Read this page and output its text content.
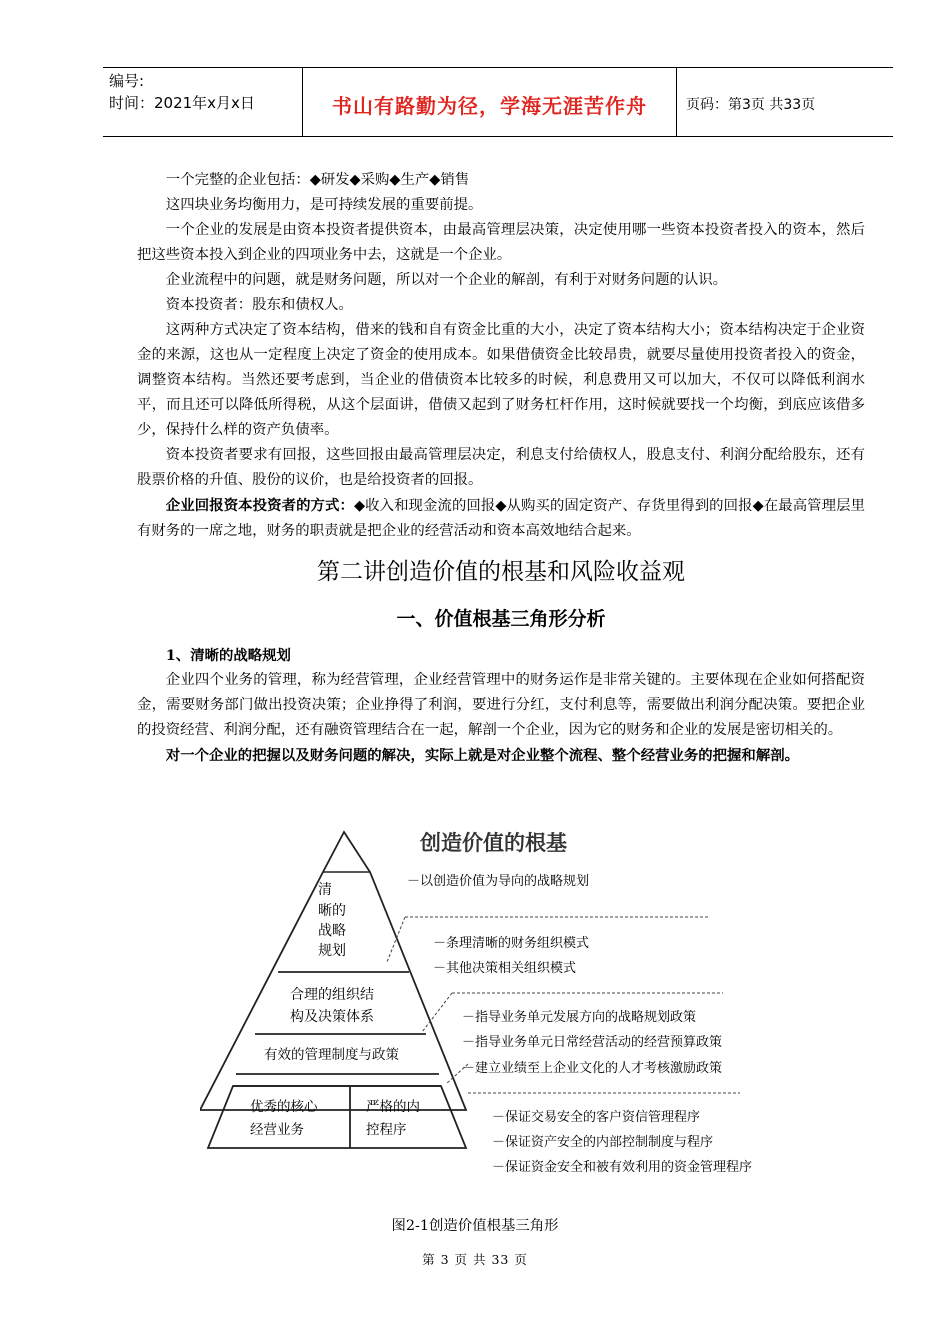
编号:
时间：2021年x月x日	书山有路勤为径，学海无涯苦作舟	页码：第3页 共33页

一个完整的企业包括：◆研发◆采购◆生产◆销售

这四块业务均衡用力，是可持续发展的重要前提。

一个企业的发展是由资本投资者提供资本，由最高管理层决策，决定使用哪一些资本投资者投入的资本，然后把这些资本投入到企业的四项业务中去，这就是一个企业。

企业流程中的问题，就是财务问题，所以对一个企业的解剖，有利于对财务问题的认识。

资本投资者：股东和债权人。

这两种方式决定了资本结构，借来的钱和自有资金比重的大小，决定了资本结构大小；资本结构决定于企业资金的来源，这也从一定程度上决定了资金的使用成本。如果借债资金比较昂贵，就要尽量使用投资者投入的资金，调整资本结构。当然还要考虑到，当企业的借债资本比较多的时候，利息费用又可以加大，不仅可以降低利润水平，而且还可以降低所得税，从这个层面讲，借债又起到了财务杠杆作用，这时候就要找一个均衡，到底应该借多少，保持什么样的资产负债率。

资本投资者要求有回报，这些回报由最高管理层决定，利息支付给债权人，股息支付、利润分配给股东，还有股票价格的升值、股份的议价，也是给投资者的回报。

企业回报资本投资者的方式：◆收入和现金流的回报◆从购买的固定资产、存货里得到的回报◆在最高管理层里有财务的一席之地，财务的职责就是把企业的经营活动和资本高效地结合起来。

第二讲创造价值的根基和风险收益观
一、价值根基三角形分析

1、清晰的战略规划

企业四个业务的管理，称为经营管理，企业经营管理中的财务运作是非常关键的。主要体现在企业如何搭配资金，需要财务部门做出投资决策；企业挣得了利润，要进行分红，支付利息等，需要做出利润分配决策。要把企业的投资经营、利润分配，还有融资管理结合在一起，解剖一个企业，因为它的财务和企业的发展是密切相关的。

对一个企业的把握以及财务问题的解决，实际上就是对企业整个流程、整个经营业务的把握和解剖。

清
晰的
战略
规划
合理的组织结
构及决策体系
有效的管理制度与政策
优秀的核心
经营业务
严格的内
控程序
创造价值的根基
－以创造价值为导向的战略规划
－条理清晰的财务组织模式
－其他决策相关组织模式
－指导业务单元发展方向的战略规划政策
－指导业务单元日常经营活动的经营预算政策
－建立业绩至上企业文化的人才考核激励政策
－保证交易安全的客户资信管理程序
－保证资产安全的内部控制制度与程序
－保证资金安全和被有效利用的资金管理程序
图2-1创造价值根基三角形
第 3 页 共 33 页
